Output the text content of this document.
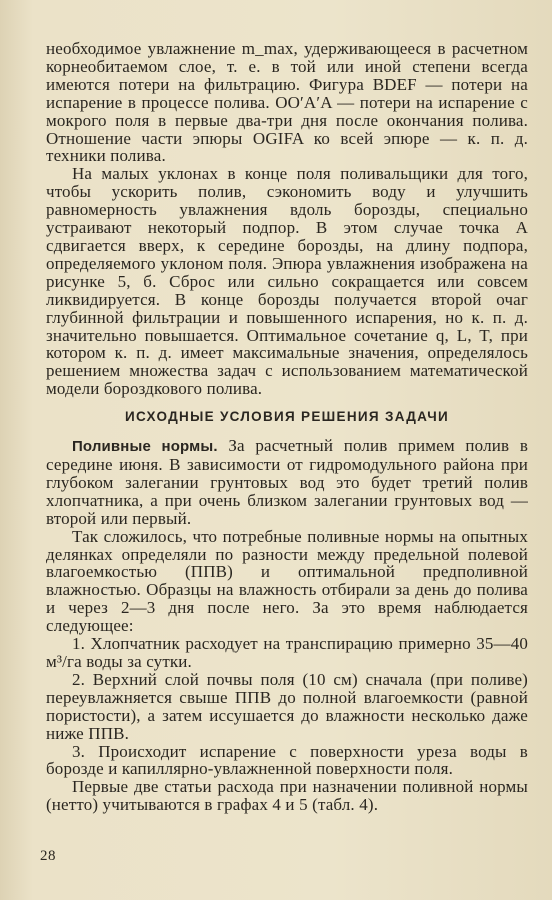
необходимое увлажнение m_max, удерживающееся в расчетном корнеобитаемом слое, т. е. в той или иной степени всегда имеются потери на фильтрацию. Фигура BDEF — потери на испарение в процессе полива. OO′A′A — потери на испарение с мокрого поля в первые два-три дня после окончания полива. Отношение части эпюры OGIFA ко всей эпюре — к. п. д. техники полива.

На малых уклонах в конце поля поливальщики для того, чтобы ускорить полив, сэкономить воду и улучшить равномерность увлажнения вдоль борозды, специально устраивают некоторый подпор. В этом случае точка A сдвигается вверх, к середине борозды, на длину подпора, определяемого уклоном поля. Эпюра увлажнения изображена на рисунке 5, б. Сброс или сильно сокращается или совсем ликвидируется. В конце борозды получается второй очаг глубинной фильтрации и повышенного испарения, но к. п. д. значительно повышается. Оптимальное сочетание q, L, T, при котором к. п. д. имеет максимальные значения, определялось решением множества задач с использованием математической модели бороздкового полива.

ИСХОДНЫЕ УСЛОВИЯ РЕШЕНИЯ ЗАДАЧИ

Поливные нормы. За расчетный полив примем полив в середине июня. В зависимости от гидромодульного района при глубоком залегании грунтовых вод это будет третий полив хлопчатника, а при очень близком залегании грунтовых вод — второй или первый.

Так сложилось, что потребные поливные нормы на опытных делянках определяли по разности между предельной полевой влагоемкостью (ППВ) и оптимальной предполивной влажностью. Образцы на влажность отбирали за день до полива и через 2—3 дня после него. За это время наблюдается следующее:

1. Хлопчатник расходует на транспирацию примерно 35—40 м³/га воды за сутки.

2. Верхний слой почвы поля (10 см) сначала (при поливе) переувлажняется свыше ППВ до полной влагоемкости (равной пористости), а затем иссушается до влажности несколько даже ниже ППВ.

3. Происходит испарение с поверхности уреза воды в борозде и капиллярно-увлажненной поверхности поля.

Первые две статьи расхода при назначении поливной нормы (нетто) учитываются в графах 4 и 5 (табл. 4).

28
